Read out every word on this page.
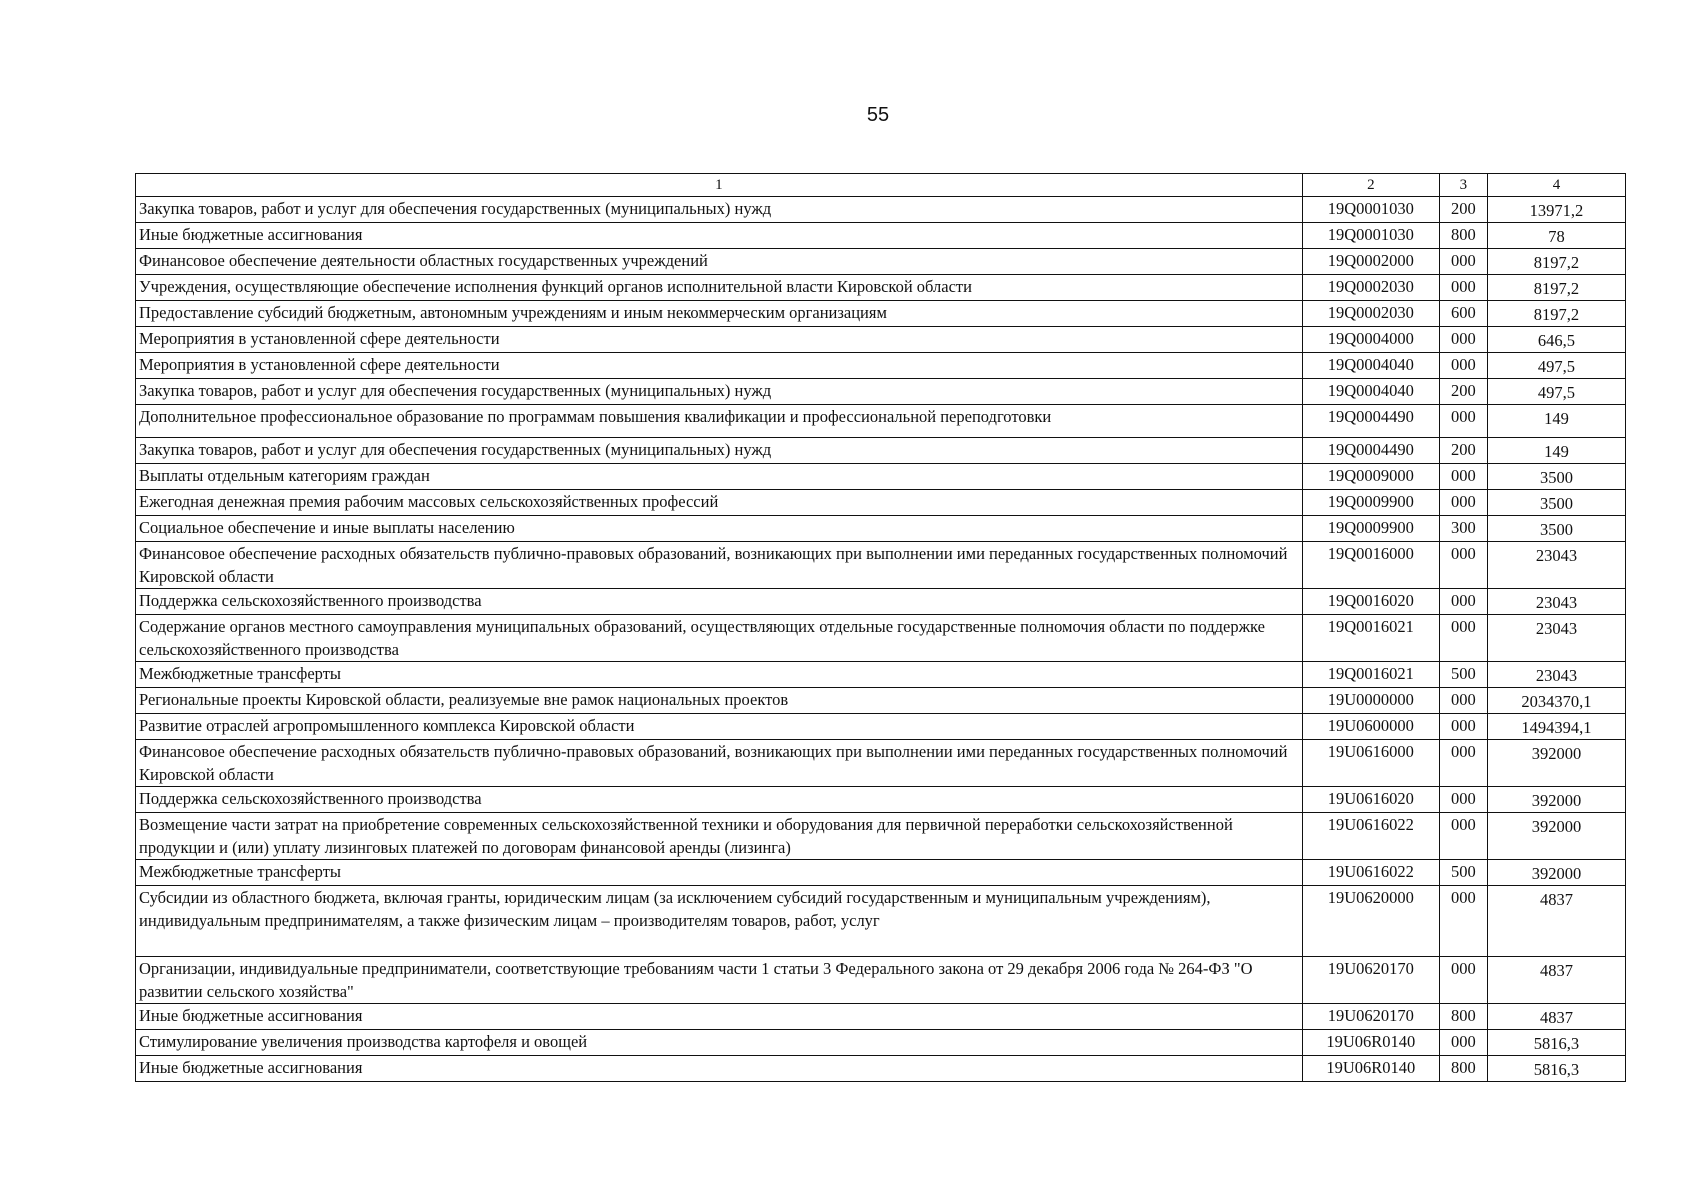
55
1	2	3	4
Закупка товаров, работ и услуг для обеспечения государственных (муниципальных) нужд	19Q0001030	200	13971,2
Иные бюджетные ассигнования	19Q0001030	800	78
Финансовое обеспечение деятельности областных государственных учреждений	19Q0002000	000	8197,2
Учреждения, осуществляющие обеспечение исполнения функций органов исполнительной власти Кировской области	19Q0002030	000	8197,2
Предоставление субсидий бюджетным, автономным учреждениям и иным некоммерческим организациям	19Q0002030	600	8197,2
Мероприятия в установленной сфере деятельности	19Q0004000	000	646,5
Мероприятия в установленной сфере деятельности	19Q0004040	000	497,5
Закупка товаров, работ и услуг для обеспечения государственных (муниципальных) нужд	19Q0004040	200	497,5
Дополнительное профессиональное образование по программам повышения квалификации и профессиональной переподготовки	19Q0004490	000	149
Закупка товаров, работ и услуг для обеспечения государственных (муниципальных) нужд	19Q0004490	200	149
Выплаты отдельным категориям граждан	19Q0009000	000	3500
Ежегодная денежная премия рабочим массовых сельскохозяйственных профессий	19Q0009900	000	3500
Социальное обеспечение и иные выплаты населению	19Q0009900	300	3500
Финансовое обеспечение расходных обязательств публично-правовых образований, возникающих при выполнении ими переданных государственных полномочий Кировской области	19Q0016000	000	23043
Поддержка сельскохозяйственного производства	19Q0016020	000	23043
Содержание органов местного самоуправления муниципальных образований, осуществляющих отдельные государственные полномочия области по поддержке сельскохозяйственного производства	19Q0016021	000	23043
Межбюджетные трансферты	19Q0016021	500	23043
Региональные проекты Кировской области, реализуемые вне рамок национальных проектов	19U0000000	000	2034370,1
Развитие отраслей агропромышленного комплекса Кировской области	19U0600000	000	1494394,1
Финансовое обеспечение расходных обязательств публично-правовых образований, возникающих при выполнении ими переданных государственных полномочий Кировской области	19U0616000	000	392000
Поддержка сельскохозяйственного производства	19U0616020	000	392000
Возмещение части затрат на приобретение современных сельскохозяйственной техники и оборудования для первичной переработки сельскохозяйственной продукции и (или) уплату лизинговых платежей по договорам финансовой аренды (лизинга)	19U0616022	000	392000
Межбюджетные трансферты	19U0616022	500	392000
Субсидии из областного бюджета, включая гранты, юридическим лицам (за исключением субсидий государственным и муниципальным учреждениям), индивидуальным предпринимателям, а также физическим лицам – производителям товаров, работ, услуг	19U0620000	000	4837
Организации, индивидуальные предприниматели, соответствующие требованиям части 1 статьи 3 Федерального закона от 29 декабря 2006 года № 264-ФЗ "О развитии сельского хозяйства"	19U0620170	000	4837
Иные бюджетные ассигнования	19U0620170	800	4837
Стимулирование увеличения производства картофеля и овощей	19U06R0140	000	5816,3
Иные бюджетные ассигнования	19U06R0140	800	5816,3
